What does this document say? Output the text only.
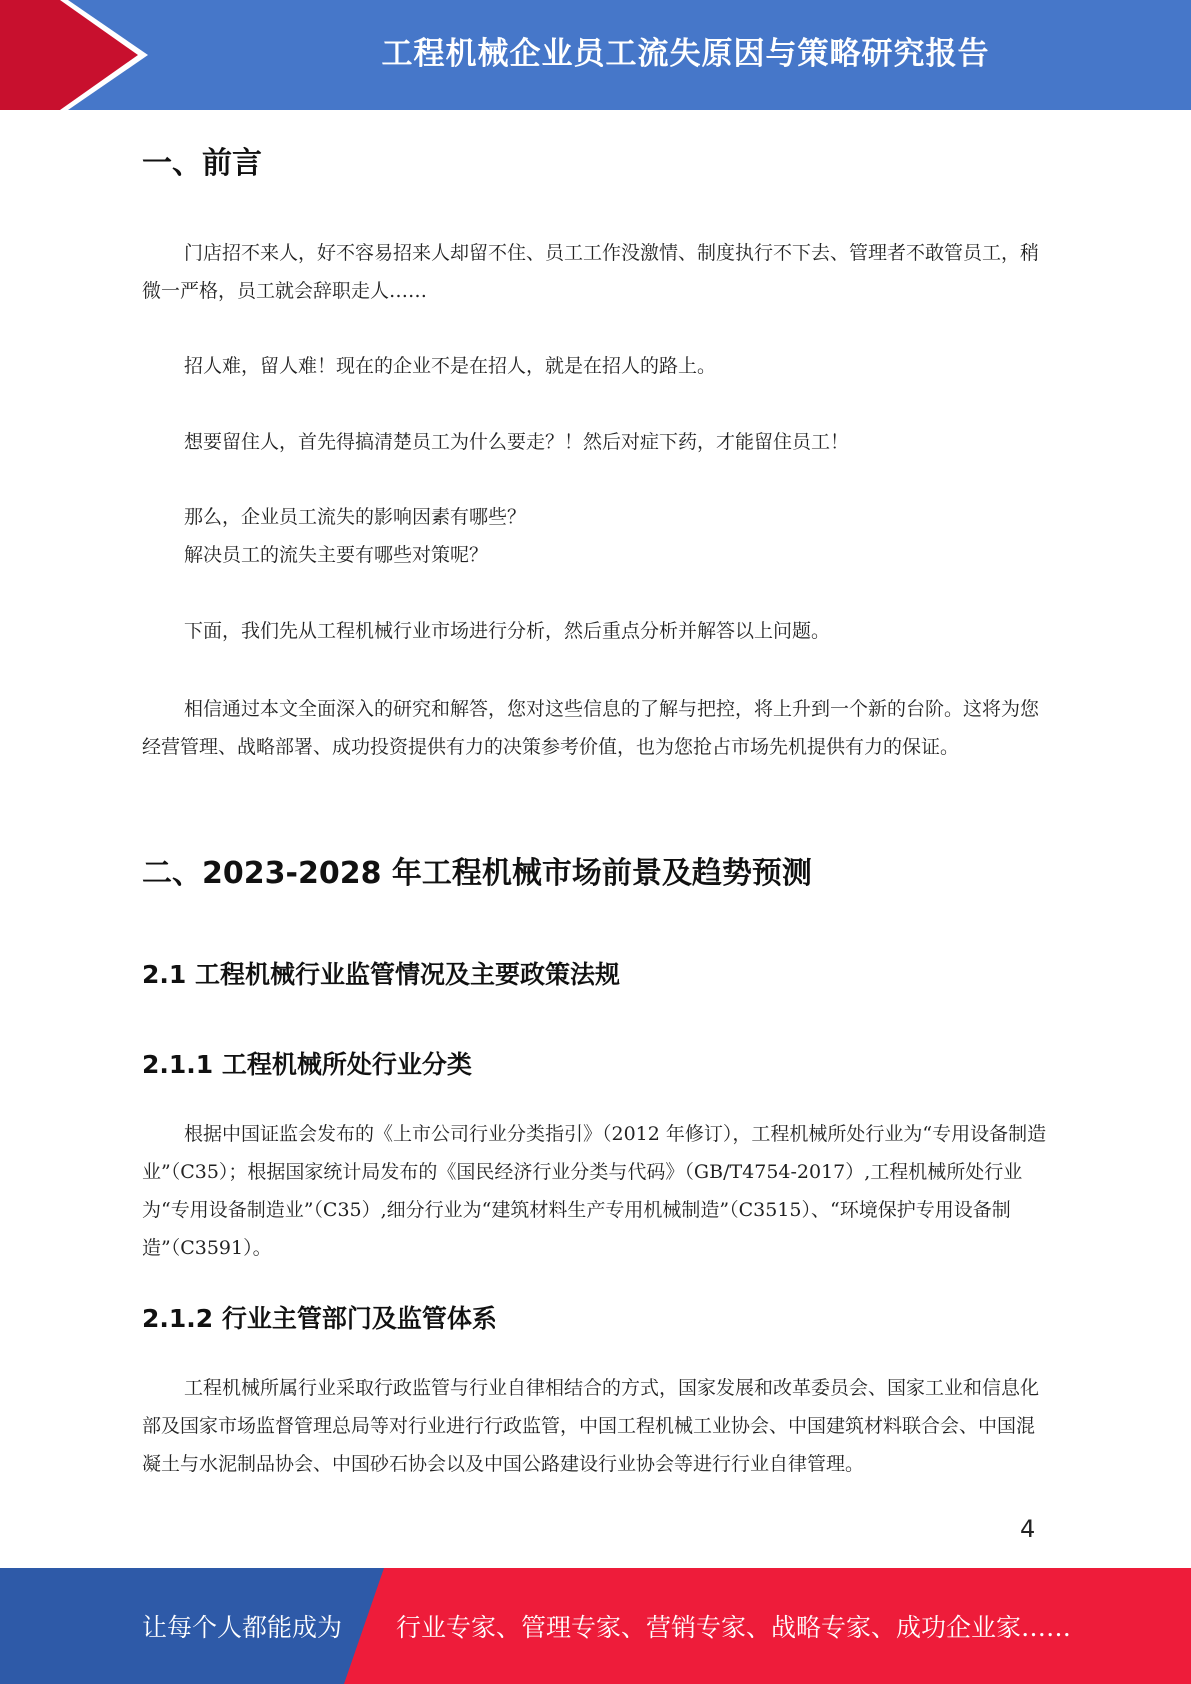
工程机械企业员工流失原因与策略研究报告
一、前言

门店招不来人，好不容易招来人却留不住、员工工作没激情、制度执行不下去、管理者不敢管员工，稍微一严格，员工就会辞职走人……

招人难，留人难！现在的企业不是在招人，就是在招人的路上。

想要留住人，首先得搞清楚员工为什么要走？！然后对症下药，才能留住员工！

那么，企业员工流失的影响因素有哪些？

解决员工的流失主要有哪些对策呢？

下面，我们先从工程机械行业市场进行分析，然后重点分析并解答以上问题。

相信通过本文全面深入的研究和解答，您对这些信息的了解与把控，将上升到一个新的台阶。这将为您经营管理、战略部署、成功投资提供有力的决策参考价值，也为您抢占市场先机提供有力的保证。

二、2023-2028 年工程机械市场前景及趋势预测
2.1 工程机械行业监管情况及主要政策法规
2.1.1 工程机械所处行业分类

根据中国证监会发布的《上市公司行业分类指引》（2012 年修订），工程机械所处行业为“专用设备制造业”（C35）；根据国家统计局发布的《国民经济行业分类与代码》（GB/T4754-2017）,工程机械所处行业为“专用设备制造业”（C35）,细分行业为“建筑材料生产专用机械制造”（C3515）、“环境保护专用设备制造”（C3591）。

2.1.2 行业主管部门及监管体系

工程机械所属行业采取行政监管与行业自律相结合的方式，国家发展和改革委员会、国家工业和信息化部及国家市场监督管理总局等对行业进行行政监管，中国工程机械工业协会、中国建筑材料联合会、中国混凝土与水泥制品协会、中国砂石协会以及中国公路建设行业协会等进行行业自律管理。

4
让每个人都能成为 行业专家、管理专家、营销专家、战略专家、成功企业家……
